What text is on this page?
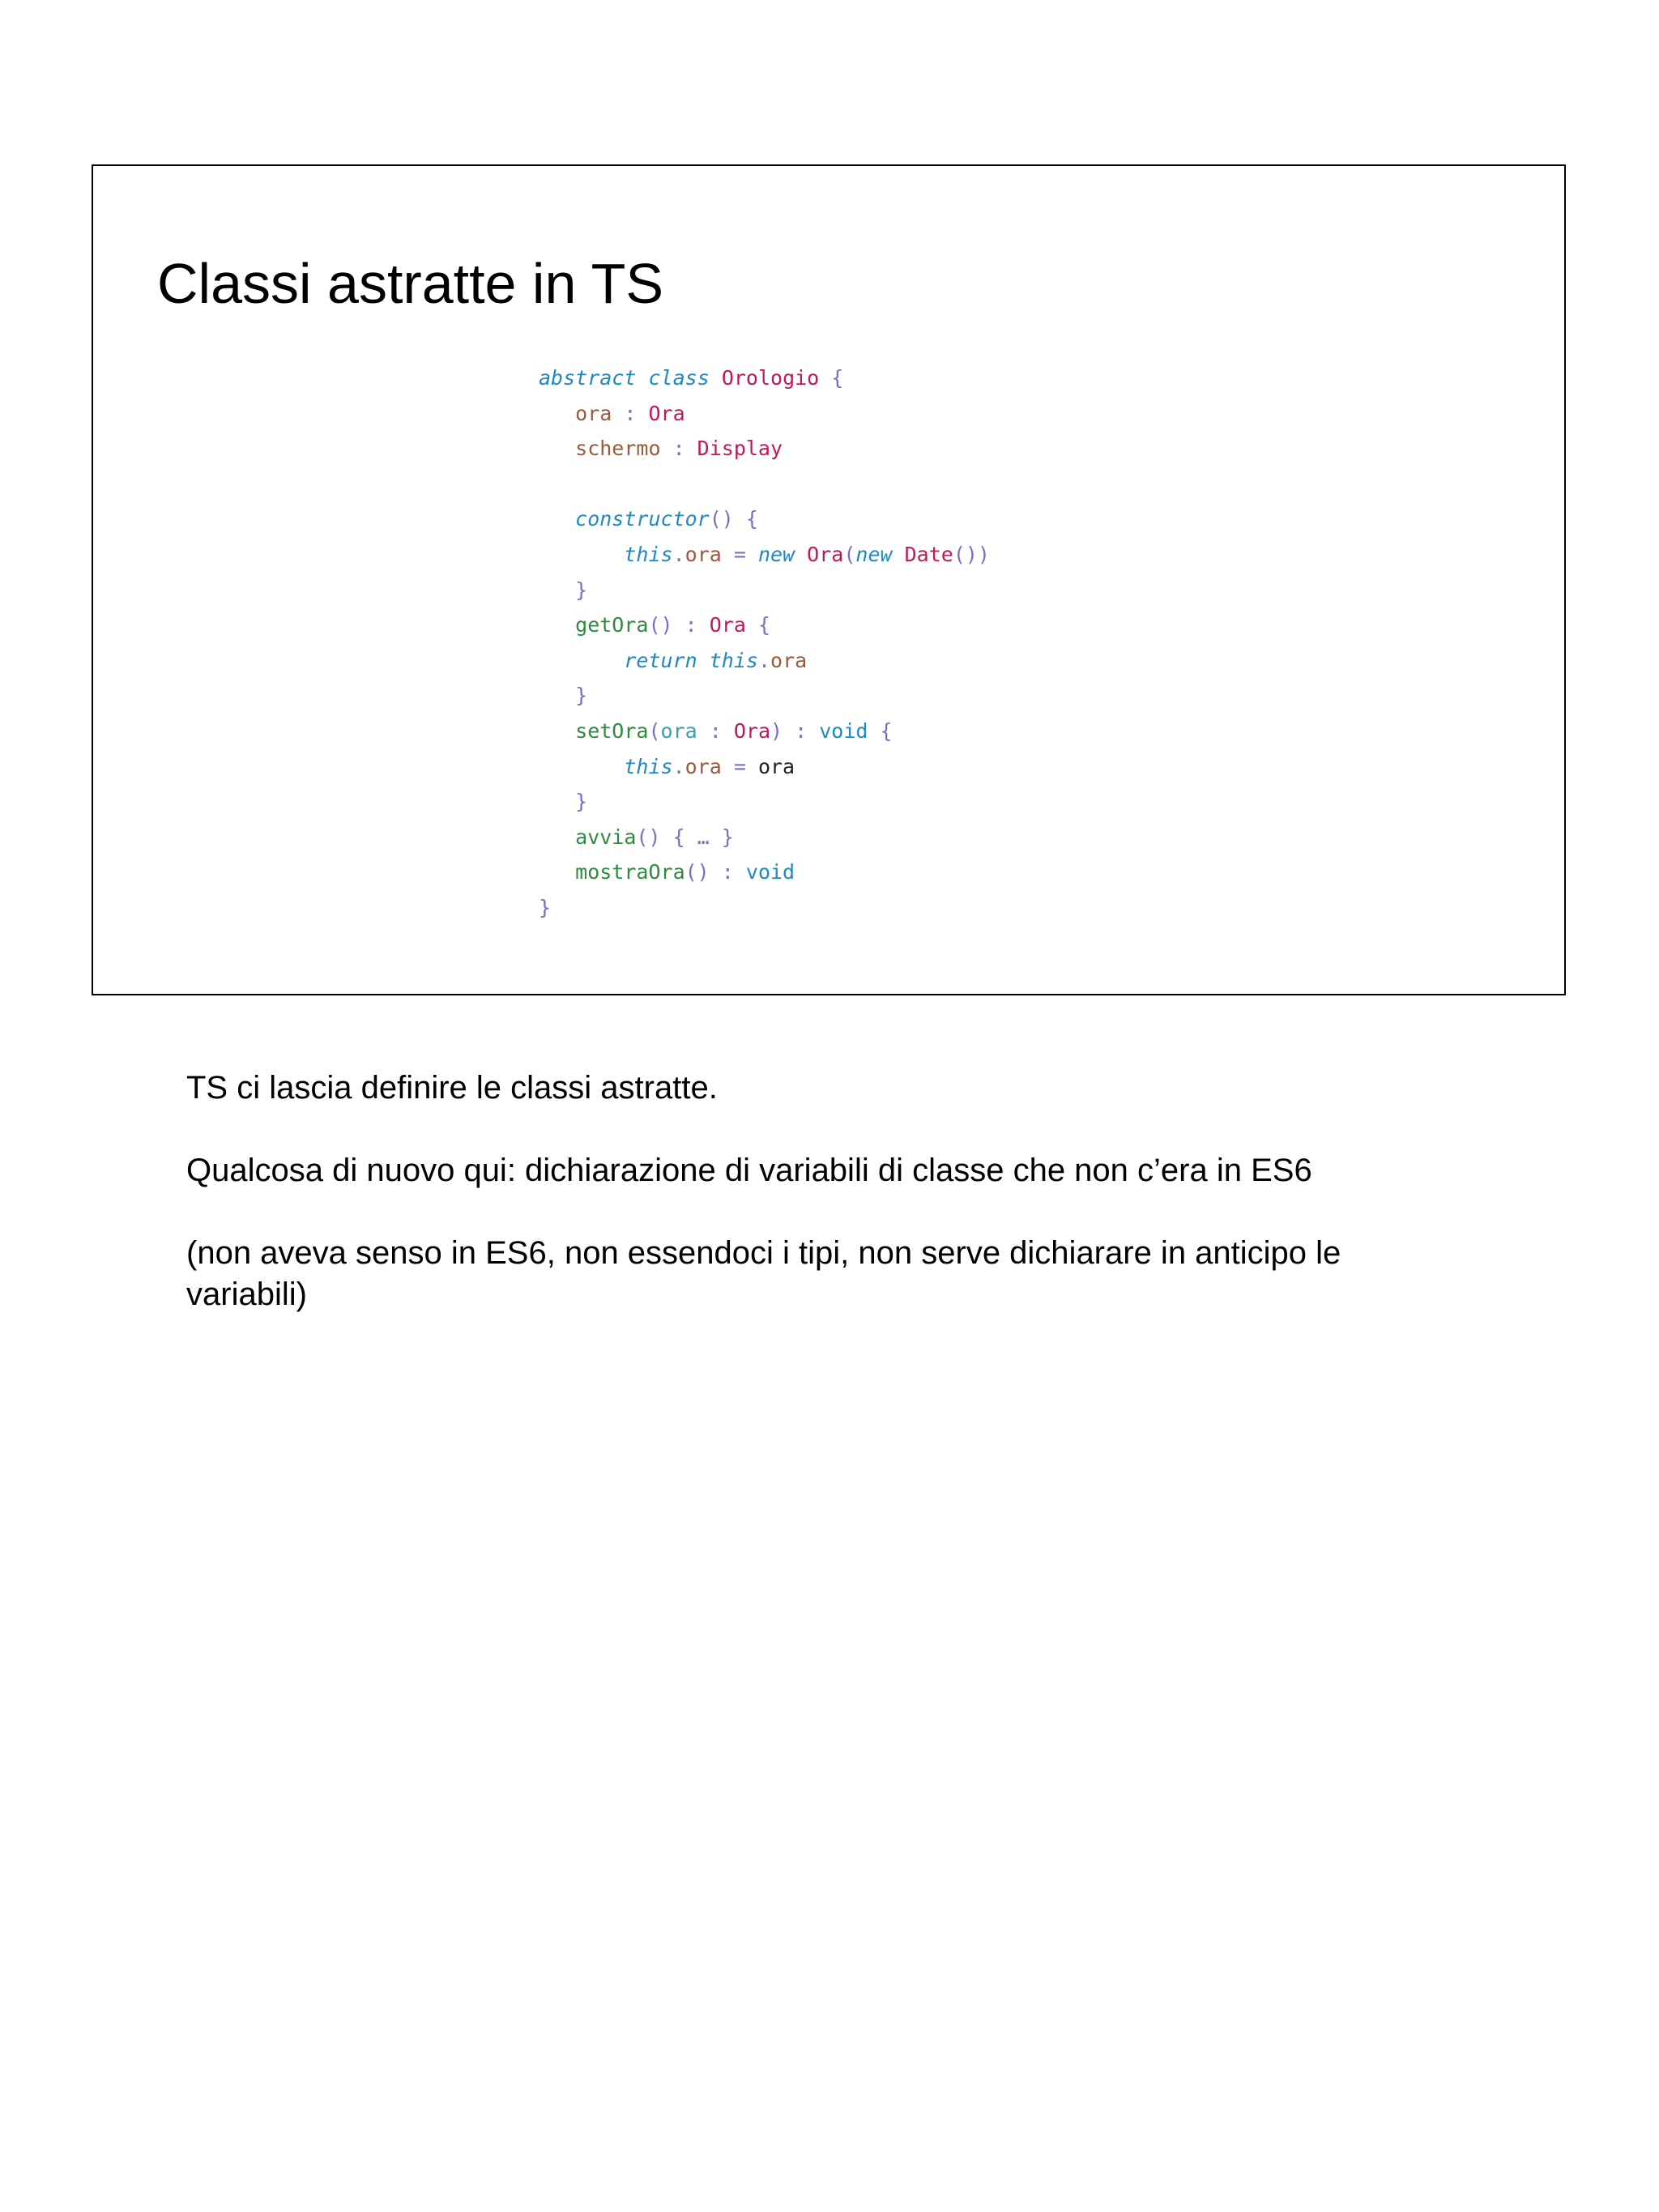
Classi astratte in TS
abstract class Orologio {
ora : Ora
schermo : Display

constructor() {
this.ora = new Ora(new Date())
}
getOra() : Ora {
return this.ora
}
setOra(ora : Ora) : void {
this.ora = ora
}
avvia() { … }
mostraOra() : void
}

TS ci lascia definire le classi astratte.

Qualcosa di nuovo qui: dichiarazione di variabili di classe che non c’era in ES6

(non aveva senso in ES6, non essendoci i tipi, non serve dichiarare in anticipo le variabili)
